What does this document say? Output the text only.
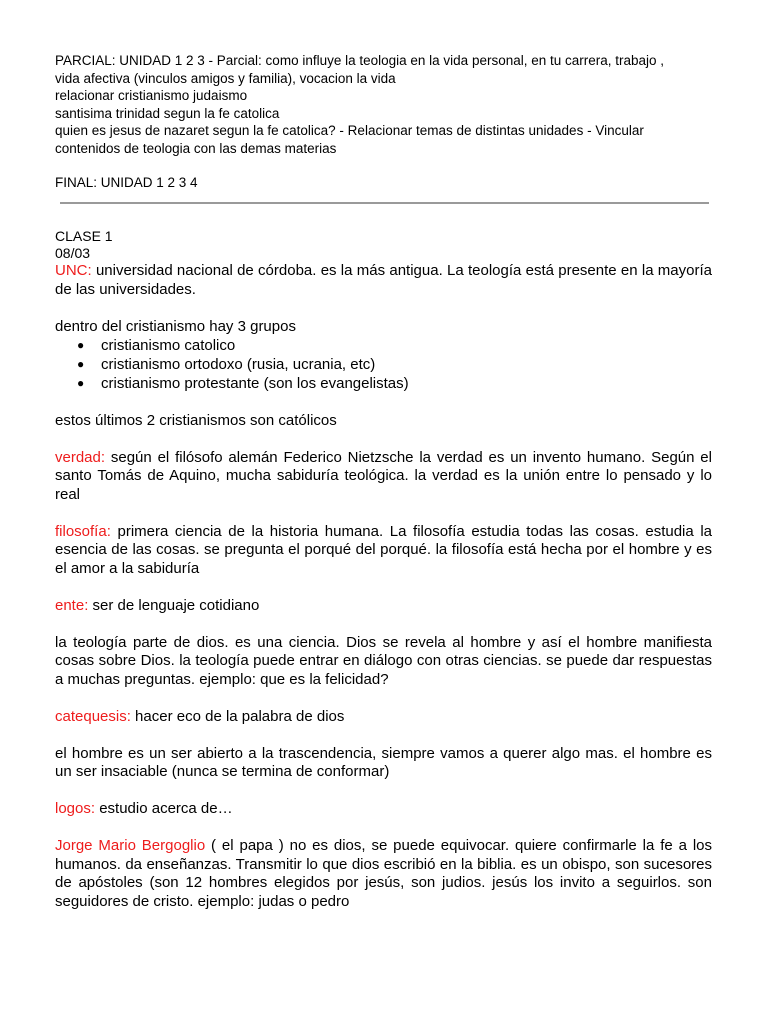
PARCIAL: UNIDAD 1 2 3 - Parcial: como influye la teologia en la vida personal, en tu carrera, trabajo ,
vida afectiva (vinculos amigos y familia), vocacion la vida
relacionar cristianismo judaismo
santisima trinidad segun la fe catolica
quien es jesus de nazaret segun la fe catolica? - Relacionar temas de distintas unidades - Vincular
contenidos de teologia con las demas materias
FINAL: UNIDAD 1 2 3 4
CLASE 1
08/03

UNC: universidad nacional de córdoba. es la más antigua. La teología está presente en la mayoría de las universidades.

dentro del cristianismo hay 3 grupos

● cristianismo catolico
● cristianismo ortodoxo (rusia, ucrania, etc)
● cristianismo protestante (son los evangelistas)

estos últimos 2 cristianismos son católicos

verdad: según el filósofo alemán Federico Nietzsche la verdad es un invento humano. Según el santo Tomás de Aquino, mucha sabiduría teológica. la verdad es la unión entre lo pensado y lo real

filosofía: primera ciencia de la historia humana. La filosofía estudia todas las cosas. estudia la esencia de las cosas. se pregunta el porqué del porqué. la filosofía está hecha por el hombre y es el amor a la sabiduría

ente: ser de lenguaje cotidiano

la teología parte de dios. es una ciencia. Dios se revela al hombre y así el hombre manifiesta cosas sobre Dios. la teología puede entrar en diálogo con otras ciencias. se puede dar respuestas a muchas preguntas. ejemplo: que es la felicidad?

catequesis: hacer eco de la palabra de dios

el hombre es un ser abierto a la trascendencia, siempre vamos a querer algo mas. el hombre es un ser insaciable (nunca se termina de conformar)

logos: estudio acerca de…

Jorge Mario Bergoglio ( el papa ) no es dios, se puede equivocar. quiere confirmarle la fe a los humanos. da enseñanzas. Transmitir lo que dios escribió en la biblia. es un obispo, son sucesores de apóstoles (son 12 hombres elegidos por jesús, son judios. jesús los invito a seguirlos. son seguidores de cristo. ejemplo: judas o pedro
